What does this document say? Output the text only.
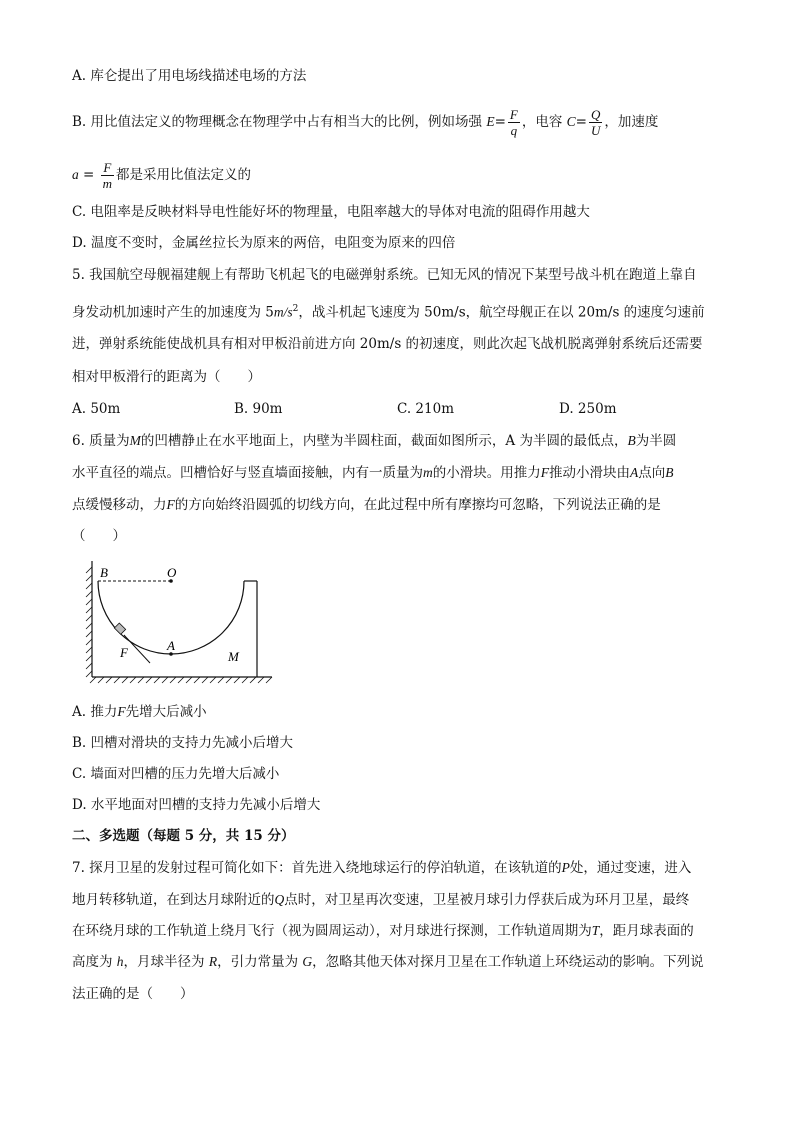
A. 库仑提出了用电场线描述电场的方法
B. 用比值法定义的物理概念在物理学中占有相当大的比例，例如场强 $E= \frac{F}{q}$ ，电容 $C= \frac{Q}{U}$ ，加速度
$a = \frac{F}{m}$ 都是采用比值法定义的
C. 电阻率是反映材料导电性能好坏的物理量，电阻率越大的导体对电流的阻碍作用越大
D. 温度不变时，金属丝拉长为原来的两倍，电阻变为原来的四倍
5. 我国航空母舰福建舰上有帮助飞机起飞的电磁弹射系统。已知无风的情况下某型号战斗机在跑道上靠自
身发动机加速时产生的加速度为 $5m/s^2$，战斗机起飞速度为 50m/s，航空母舰正在以 20m/s 的速度匀速前
进，弹射系统能使战机具有相对甲板沿前进方向 20m/s 的初速度，则此次起飞战机脱离弹射系统后还需要
相对甲板滑行的距离为（　　）
A. 50m	B. 90m	C. 210m	D. 250m
6. 质量为M的凹槽静止在水平地面上，内壁为半圆柱面，截面如图所示，A 为半圆的最低点，B为半圆
水平直径的端点。凹槽恰好与竖直墙面接触，内有一质量为m的小滑块。用推力F推动小滑块由A点向B
点缓慢移动，力F的方向始终沿圆弧的切线方向，在此过程中所有摩擦均可忽略，下列说法正确的是
（　　）
B	O
A
F	M
A. 推力F先增大后减小
B. 凹槽对滑块的支持力先减小后增大
C. 墙面对凹槽的压力先增大后减小
D. 水平地面对凹槽的支持力先减小后增大
二、多选题（每题 5 分，共 15 分）
7. 探月卫星的发射过程可简化如下：首先进入绕地球运行的停泊轨道，在该轨道的P处，通过变速，进入
地月转移轨道，在到达月球附近的Q点时，对卫星再次变速，卫星被月球引力俘获后成为环月卫星，最终
在环绕月球的工作轨道上绕月飞行（视为圆周运动），对月球进行探测，工作轨道周期为T，距月球表面的
高度为 h，月球半径为 R，引力常量为 G，忽略其他天体对探月卫星在工作轨道上环绕运动的影响。下列说
法正确的是（　　）
